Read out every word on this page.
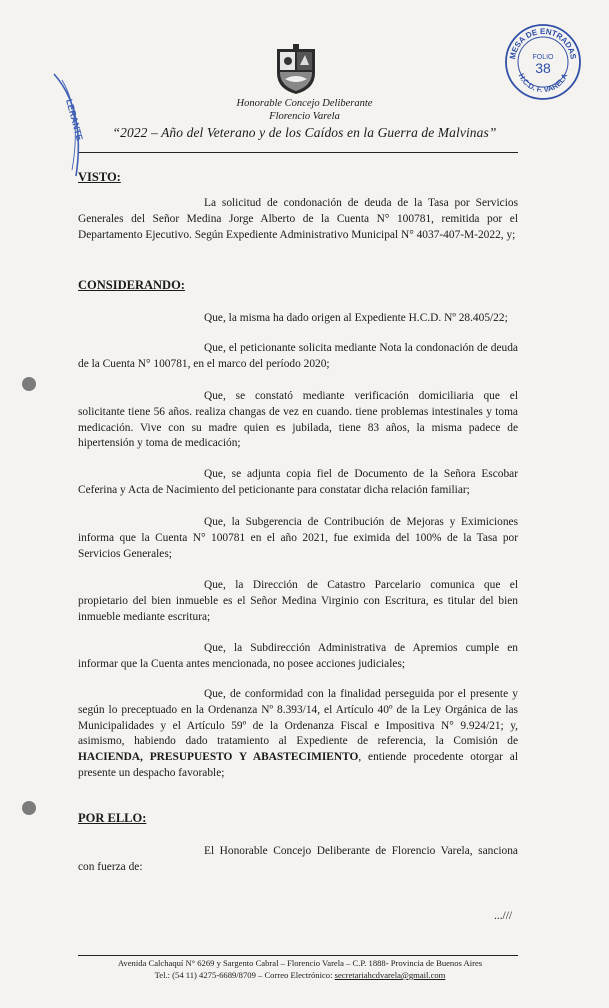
Honorable Concejo Deliberante
Florencio Varela
“2022 – Año del Veterano y de los Caídos en la Guerra de Malvinas”
MESA DE ENTRADAS
H.C.D. F. VARELA
FOLIO
38
LERANTE
VISTO:
La solicitud de condonación de deuda de la Tasa por Servicios Generales del Señor Medina Jorge Alberto de la Cuenta N° 100781, remitida por el Departamento Ejecutivo. Según Expediente Administrativo Municipal N° 4037-407-M-2022, y;
CONSIDERANDO:
Que, la misma ha dado origen al Expediente H.C.D. Nº 28.405/22;
Que, el peticionante solicita mediante Nota la condonación de deuda de la Cuenta N° 100781, en el marco del período 2020;
Que, se constató mediante verificación domiciliaria que el solicitante tiene 56 años. realiza changas de vez en cuando. tiene problemas intestinales y toma medicación. Vive con su madre quien es jubilada, tiene 83 años, la misma padece de hipertensión y toma de medicación;
Que, se adjunta copia fiel de Documento de la Señora Escobar Ceferina y Acta de Nacimiento del peticionante para constatar dicha relación familiar;
Que, la Subgerencia de Contribución de Mejoras y Eximiciones informa que la Cuenta N° 100781 en el año 2021, fue eximida del 100% de la Tasa por Servicios Generales;
Que, la Dirección de Catastro Parcelario comunica que el propietario del bien inmueble es el Señor Medina Virginio con Escritura, es titular del bien inmueble mediante escritura;
Que, la Subdirección Administrativa de Apremios cumple en informar que la Cuenta antes mencionada, no posee acciones judiciales;
Que, de conformidad con la finalidad perseguida por el presente y según lo preceptuado en la Ordenanza Nº 8.393/14, el Artículo 40º de la Ley Orgánica de las Municipalidades y el Artículo 59º de la Ordenanza Fiscal e Impositiva N° 9.924/21; y, asimismo, habiendo dado tratamiento al Expediente de referencia, la Comisión de HACIENDA, PRESUPUESTO Y ABASTECIMIENTO, entiende procedente otorgar al presente un despacho favorable;
POR ELLO:
El Honorable Concejo Deliberante de Florencio Varela, sanciona con fuerza de:
...///
Avenida Calchaquí N° 6269 y Sargento Cabral – Florencio Varela – C.P. 1888- Provincia de Buenos Aires
Tel.: (54 11) 4275-6689/8709 – Correo Electrónico: secretariahcdvarela@gmail.com
